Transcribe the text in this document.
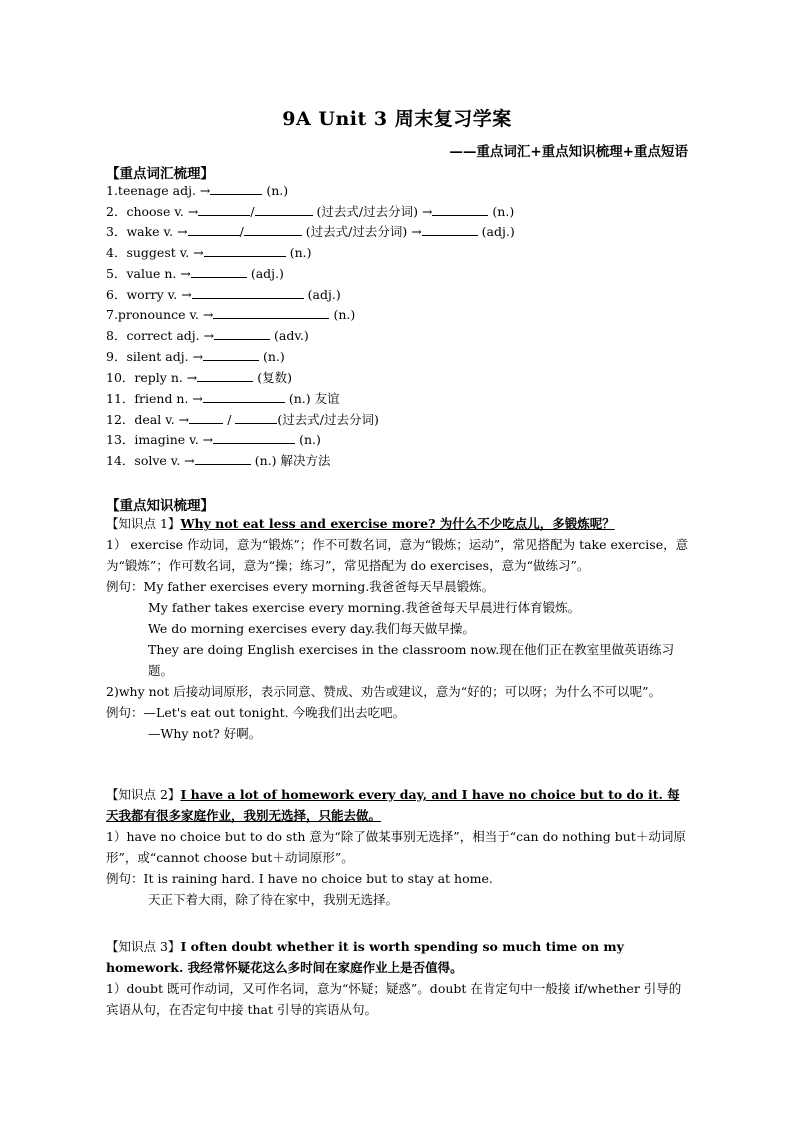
9A Unit 3 周末复习学案
——重点词汇+重点知识梳理+重点短语
【重点词汇梳理】
1.teenage adj. →	(n.)
2．choose v. →	/	(过去式/过去分词) →	(n.)
3．wake v. →	/	(过去式/过去分词) →	(adj.)
4．suggest v. →	(n.)
5．value n. →	(adj.)
6．worry v. →	(adj.)
7.pronounce v. →	(n.)
8．correct adj. →	(adv.)
9．silent adj. →	(n.)
10．reply n. →	(复数)
11．friend n. →	(n.) 友谊
12．deal v. →	/	(过去式/过去分词)
13．imagine v. →	(n.)
14．solve v. →	(n.) 解决方法
【重点知识梳理】
【知识点 1】Why not eat less and exercise more? 为什么不少吃点儿，多锻炼呢？
1） exercise 作动词，意为“锻炼”；作不可数名词，意为“锻炼；运动”，常见搭配为 take exercise，意为“锻炼”；作可数名词，意为“操；练习”，常见搭配为 do exercises，意为“做练习”。
例句：My father exercises every morning.我爸爸每天早晨锻炼。
My father takes exercise every morning.我爸爸每天早晨进行体育锻炼。
We do morning exercises every day.我们每天做早操。
They are doing English exercises in the classroom now.现在他们正在教室里做英语练习题。
2)why not 后接动词原形，表示同意、赞成、劝告或建议，意为“好的；可以呀；为什么不可以呢”。
例句：—Let's eat out tonight. 今晚我们出去吃吧。
—Why not? 好啊。
【知识点 2】I have a lot of homework every day, and I have no choice but to do it. 每天我都有很多家庭作业，我别无选择，只能去做。
1）have no choice but to do sth 意为“除了做某事别无选择”，相当于“can do nothing but＋动词原形”，或“cannot choose but＋动词原形”。
例句：It is raining hard. I have no choice but to stay at home.
天正下着大雨，除了待在家中，我别无选择。
【知识点 3】I often doubt whether it is worth spending so much time on my homework. 我经常怀疑花这么多时间在家庭作业上是否值得。
1）doubt 既可作动词，又可作名词，意为“怀疑；疑惑”。doubt 在肯定句中一般接 if/whether 引导的宾语从句，在否定句中接 that 引导的宾语从句。
